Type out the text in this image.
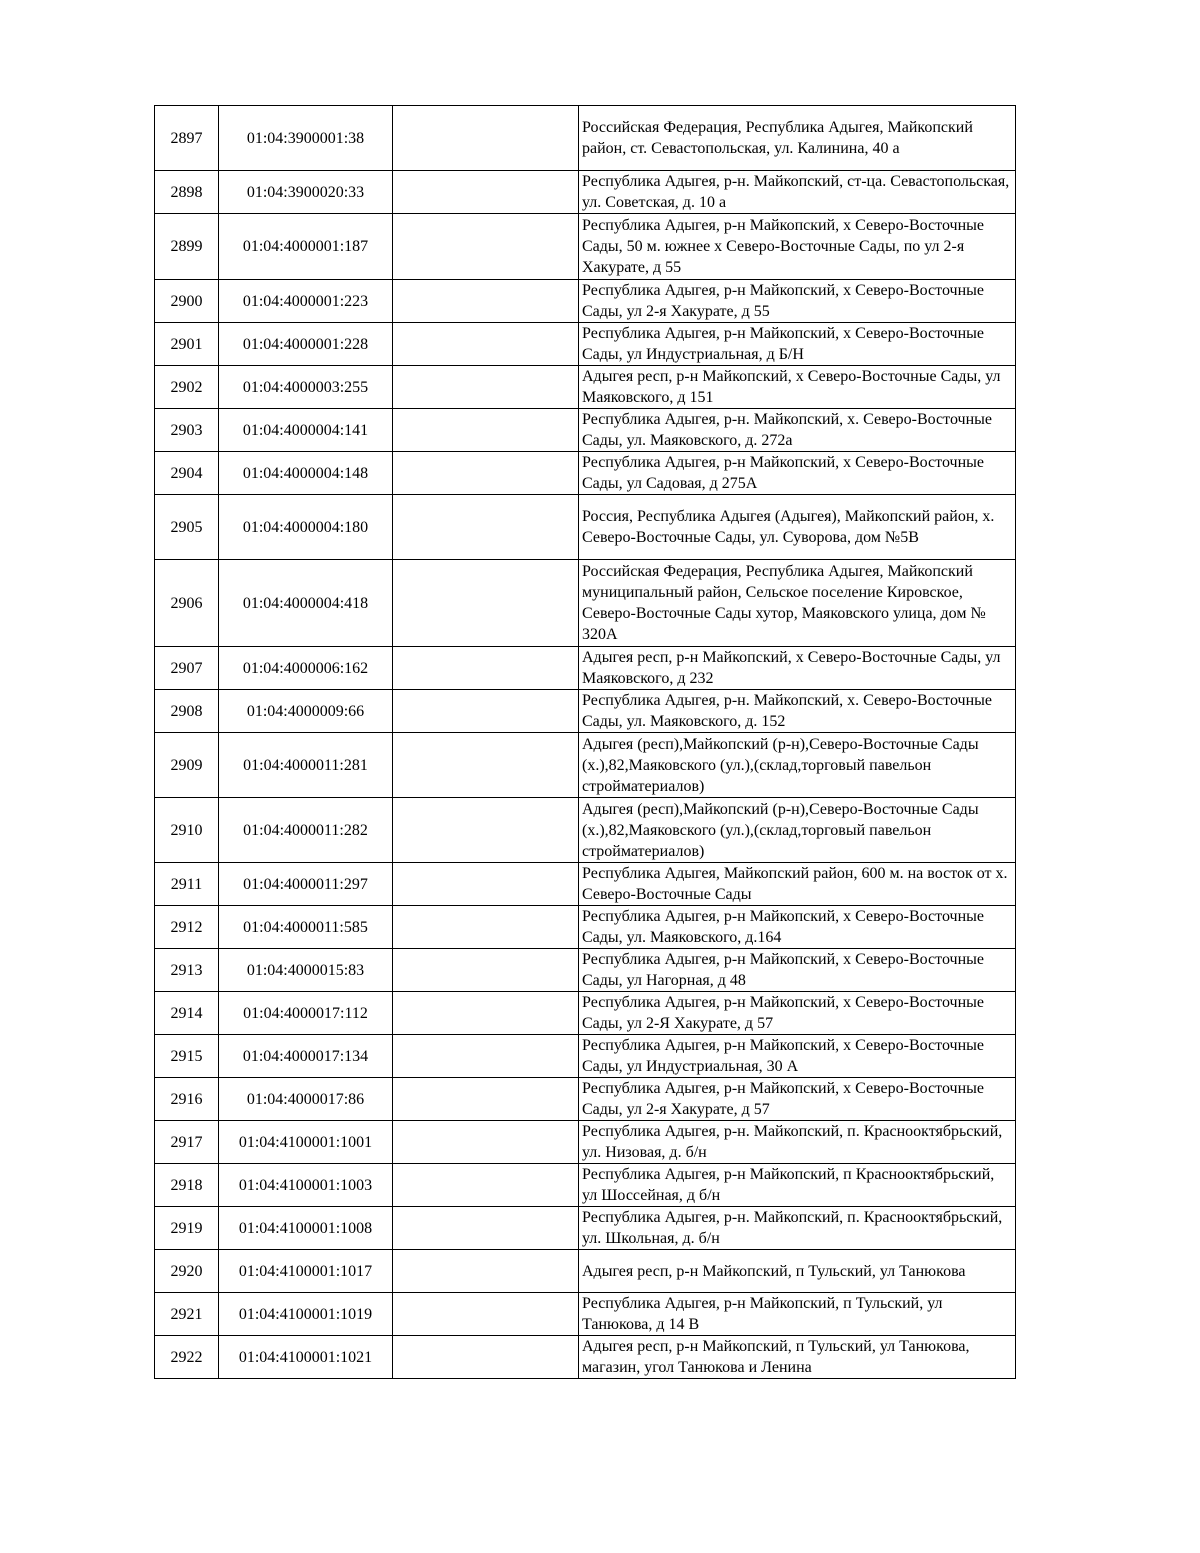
2897	01:04:3900001:38		Российская Федерация, Республика Адыгея, Майкопский район, ст. Севастопольская, ул. Калинина, 40 а
2898	01:04:3900020:33		Республика Адыгея, р-н. Майкопский, ст-ца. Севастопольская, ул. Советская, д. 10 а
2899	01:04:4000001:187		Республика Адыгея, р-н Майкопский, х Северо-Восточные Сады, 50 м. южнее х Северо-Восточные Сады, по ул 2-я Хакурате, д 55
2900	01:04:4000001:223		Республика Адыгея, р-н Майкопский, х Северо-Восточные Сады, ул 2-я Хакурате, д 55
2901	01:04:4000001:228		Республика Адыгея, р-н Майкопский, х Северо-Восточные Сады, ул Индустриальная, д Б/Н
2902	01:04:4000003:255		Адыгея респ, р-н Майкопский, х Северо-Восточные Сады, ул Маяковского, д 151
2903	01:04:4000004:141		Республика Адыгея, р-н. Майкопский, х. Северо-Восточные Сады, ул. Маяковского, д. 272а
2904	01:04:4000004:148		Республика Адыгея, р-н Майкопский, х Северо-Восточные Сады, ул Садовая, д 275А
2905	01:04:4000004:180		Россия, Республика Адыгея (Адыгея), Майкопский район, х. Северо-Восточные Сады, ул. Суворова, дом №5В
2906	01:04:4000004:418		Российская Федерация, Республика Адыгея, Майкопский муниципальный район, Сельское поселение Кировское, Северо-Восточные Сады хутор, Маяковского улица, дом № 320А
2907	01:04:4000006:162		Адыгея респ, р-н Майкопский, х Северо-Восточные Сады, ул Маяковского, д 232
2908	01:04:4000009:66		Республика Адыгея, р-н. Майкопский, х. Северо-Восточные Сады, ул. Маяковского, д. 152
2909	01:04:4000011:281		Адыгея (респ),Майкопский (р-н),Северо-Восточные Сады (х.),82,Маяковского (ул.),(склад,торговый павельон стройматериалов)
2910	01:04:4000011:282		Адыгея (респ),Майкопский (р-н),Северо-Восточные Сады (х.),82,Маяковского (ул.),(склад,торговый павельон стройматериалов)
2911	01:04:4000011:297		Республика Адыгея, Майкопский район, 600 м. на восток от х. Северо-Восточные Сады
2912	01:04:4000011:585		Республика Адыгея, р-н Майкопский, х Северо-Восточные Сады, ул. Маяковского, д.164
2913	01:04:4000015:83		Республика Адыгея, р-н Майкопский, х Северо-Восточные Сады, ул Нагорная, д 48
2914	01:04:4000017:112		Республика Адыгея, р-н Майкопский, х Северо-Восточные Сады, ул 2-Я Хакурате, д 57
2915	01:04:4000017:134		Республика Адыгея, р-н Майкопский, х Северо-Восточные Сады, ул Индустриальная, 30 А
2916	01:04:4000017:86		Республика Адыгея, р-н Майкопский, х Северо-Восточные Сады, ул 2-я Хакурате, д 57
2917	01:04:4100001:1001		Республика Адыгея, р-н. Майкопский, п. Краснооктябрьский, ул. Низовая, д. б/н
2918	01:04:4100001:1003		Республика Адыгея, р-н Майкопский, п Краснооктябрьский, ул Шоссейная, д б/н
2919	01:04:4100001:1008		Республика Адыгея, р-н. Майкопский, п. Краснооктябрьский, ул. Школьная, д. б/н
2920	01:04:4100001:1017		Адыгея респ, р-н Майкопский, п Тульский, ул Танюкова
2921	01:04:4100001:1019		Республика Адыгея, р-н Майкопский, п Тульский, ул Танюкова, д 14 В
2922	01:04:4100001:1021		Адыгея респ, р-н Майкопский, п Тульский, ул Танюкова, магазин, угол Танюкова и Ленина
